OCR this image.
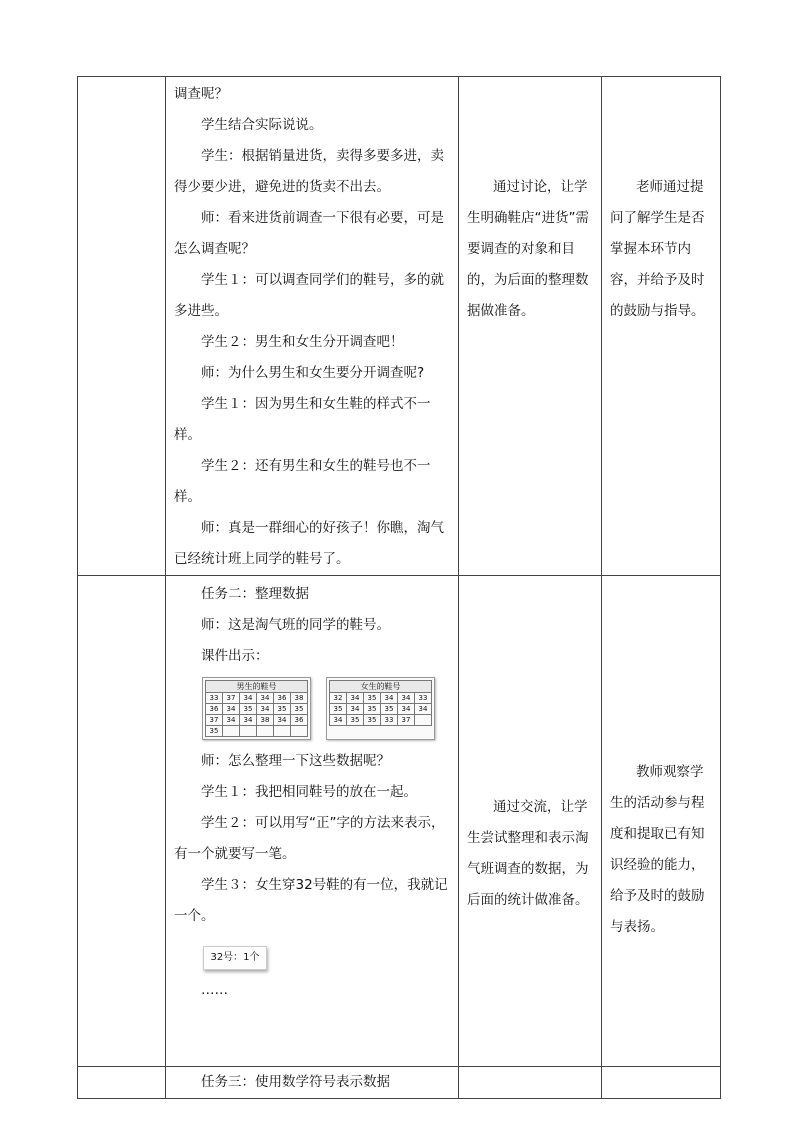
调查呢？

学生结合实际说说。

学生：根据销量进货，卖得多要多进，卖得少要少进，避免进的货卖不出去。

师：看来进货前调查一下很有必要，可是怎么调查呢？

学生１：可以调查同学们的鞋号，多的就多进些。

学生２：男生和女生分开调查吧！

师：为什么男生和女生要分开调查呢?

学生１：因为男生和女生鞋的样式不一样。

学生２：还有男生和女生的鞋号也不一样。

师：真是一群细心的好孩子！你瞧，淘气已经统计班上同学的鞋号了。

通过讨论，让学生明确鞋店“进货”需要调查的对象和目的，为后面的整理数据做准备。

老师通过提问了解学生是否掌握本环节内容，并给予及时的鼓励与指导。

任务二：整理数据

师：这是淘气班的同学的鞋号。

课件出示：

男生的鞋号
33	37	34	34	36	38
36	34	35	34	35	35
37	34	34	38	34	36
35					
女生的鞋号
32	34	35	34	34	33
35	34	35	35	34	34
34	35	35	33	37	

师：怎么整理一下这些数据呢？

学生１：我把相同鞋号的放在一起。

学生２：可以用写“正”字的方法来表示，有一个就要写一笔。

学生３：女生穿32号鞋的有一位，我就记一个。

32号：1个
……

通过交流，让学生尝试整理和表示淘气班调查的数据，为后面的统计做准备。

教师观察学生的活动参与程度和提取已有知识经验的能力，给予及时的鼓励与表扬。

任务三：使用数学符号表示数据
